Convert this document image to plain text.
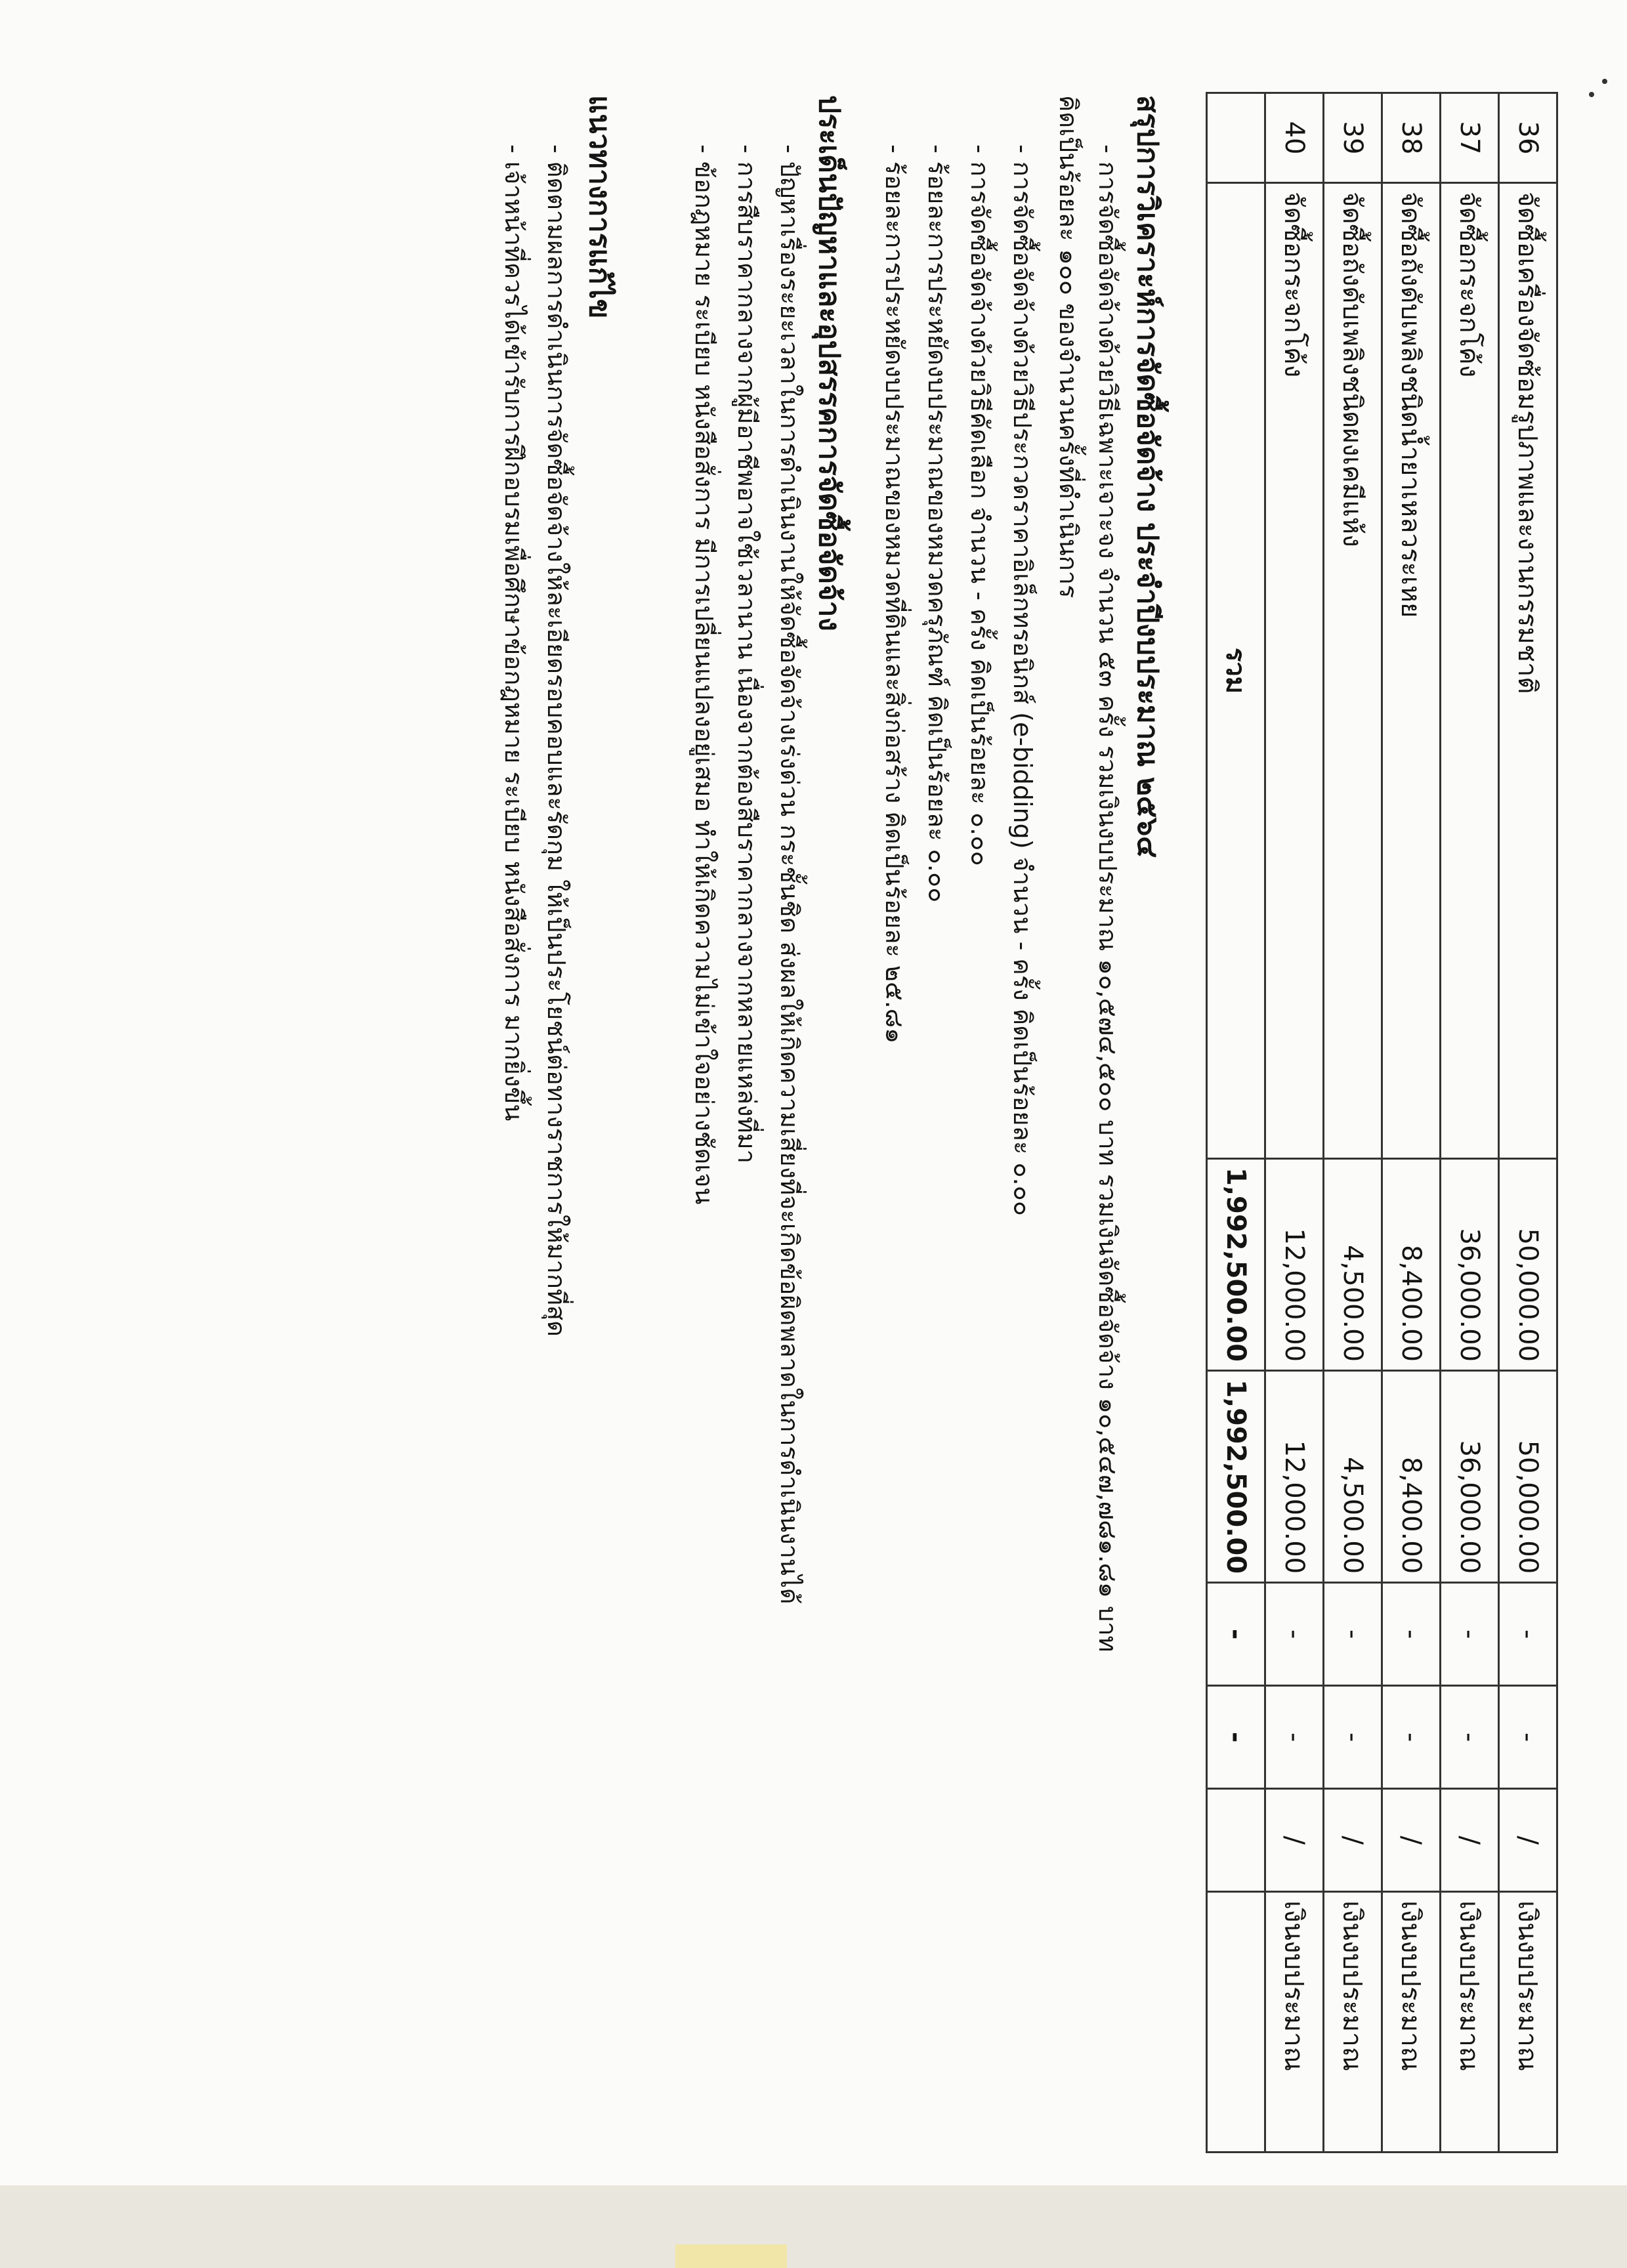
36	จัดซื้อเครื่องจัดซ้อมรูปภาพและงานกรรมชาติ	50,000.00	50,000.00	-	-	/	เงินงบประมาณ
37	จัดซื้อกระจกโค้ง	36,000.00	36,000.00	-	-	/	เงินงบประมาณ
38	จัดซื้อถังดับเพลิงชนิดน้ำยาเหลวระเหย	8,400.00	8,400.00	-	-	/	เงินงบประมาณ
39	จัดซื้อถังดับเพลิงชนิดผงเคมีแห้ง	4,500.00	4,500.00	-	-	/	เงินงบประมาณ
40	จัดซื้อกระจกโค้ง	12,000.00	12,000.00	-	-	/	เงินงบประมาณ
	รวม	1,992,500.00	1,992,500.00	-	-		
สรุปการวิเคราะห์การจัดซื้อจัดจ้าง ประจำปีงบประมาณ ๒๕๖๔
- การจัดซื้อจัดจ้างด้วยวิธีเฉพาะเจาะจง จำนวน ๕๓ ครั้ง รวมเงินงบประมาณ ๑๐,๕๗๔,๕๐๐ บาท รวมเงินจัดซื้อจัดจ้าง ๑๐,๕๔๗,๗๘๑.๘๑ บาท
คิดเป็นร้อยละ ๑๐๐ ของจำนวนครั้งที่ดำเนินการ
- การจัดซื้อจัดจ้างด้วยวิธีประกวดราคาอิเล็กทรอนิกส์ (e-bidding) จำนวน - ครั้ง คิดเป็นร้อยละ ๐.๐๐
- การจัดซื้อจัดจ้างด้วยวิธีคัดเลือก จำนวน - ครั้ง คิดเป็นร้อยละ ๐.๐๐
- ร้อยละการประหยัดงบประมาณของหมวดครุภัณฑ์ คิดเป็นร้อยละ ๐.๐๐
- ร้อยละการประหยัดงบประมาณของหมวดที่ดินและสิ่งก่อสร้าง คิดเป็นร้อยละ ๒๕.๘๑
ประเด็นปัญหาและอุปสรรคการจัดซื้อจัดจ้าง
- ปัญหาเรื่องระยะเวลาในการดำเนินงานให้จัดซื้อจัดจ้างเร่งด่วน กระชั้นชิด ส่งผลให้เกิดความเสี่ยงที่จะเกิดข้อผิดพลาดในการดำเนินงานได้
- การสืบราคากลางจากผู้มีอาชีพอาจใช้เวลานาน เนื่องจากต้องสืบราคากลางจากหลายแหล่งที่มา
- ข้อกฎหมาย ระเบียบ หนังสือสั่งการ มีการเปลี่ยนแปลงอยู่เสมอ ทำให้เกิดความไม่เข้าใจอย่างชัดเจน
แนวทางการแก้ไข
- ติดตามผลการดำเนินการจัดซื้อจัดจ้างให้ละเอียดรอบคอบและรัดกุม ให้เป็นประโยชน์ต่อทางราชการให้มากที่สุด
- เจ้าหน้าที่ควรได้เข้ารับการฝึกอบรมเพื่อศึกษาข้อกฎหมาย ระเบียบ หนังสือสั่งการ มากยิ่งขึ้น
